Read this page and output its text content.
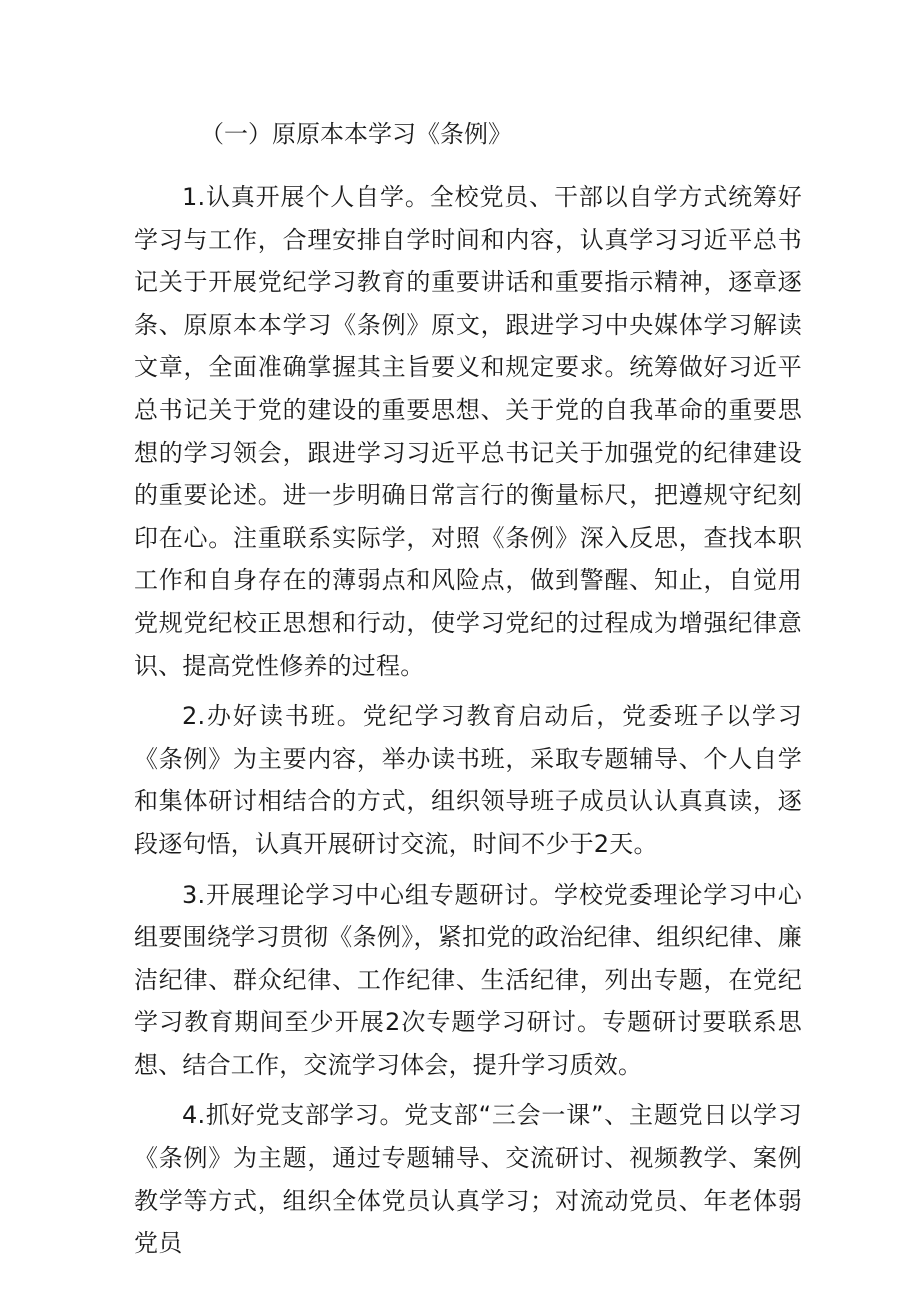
（一）原原本本学习《条例》

1.认真开展个人自学。全校党员、干部以自学方式统筹好学习与工作，合理安排自学时间和内容，认真学习习近平总书记关于开展党纪学习教育的重要讲话和重要指示精神，逐章逐条、原原本本学习《条例》原文，跟进学习中央媒体学习解读文章，全面准确掌握其主旨要义和规定要求。统筹做好习近平总书记关于党的建设的重要思想、关于党的自我革命的重要思想的学习领会，跟进学习习近平总书记关于加强党的纪律建设的重要论述。进一步明确日常言行的衡量标尺，把遵规守纪刻印在心。注重联系实际学，对照《条例》深入反思，查找本职工作和自身存在的薄弱点和风险点，做到警醒、知止，自觉用党规党纪校正思想和行动，使学习党纪的过程成为增强纪律意识、提高党性修养的过程。

2.办好读书班。党纪学习教育启动后，党委班子以学习《条例》为主要内容，举办读书班，采取专题辅导、个人自学和集体研讨相结合的方式，组织领导班子成员认认真真读，逐段逐句悟，认真开展研讨交流，时间不少于2天。

3.开展理论学习中心组专题研讨。学校党委理论学习中心组要围绕学习贯彻《条例》，紧扣党的政治纪律、组织纪律、廉洁纪律、群众纪律、工作纪律、生活纪律，列出专题，在党纪学习教育期间至少开展2次专题学习研讨。专题研讨要联系思想、结合工作，交流学习体会，提升学习质效。

4.抓好党支部学习。党支部“三会一课”、主题党日以学习《条例》为主题，通过专题辅导、交流研讨、视频教学、案例教学等方式，组织全体党员认真学习；对流动党员、年老体弱党员
